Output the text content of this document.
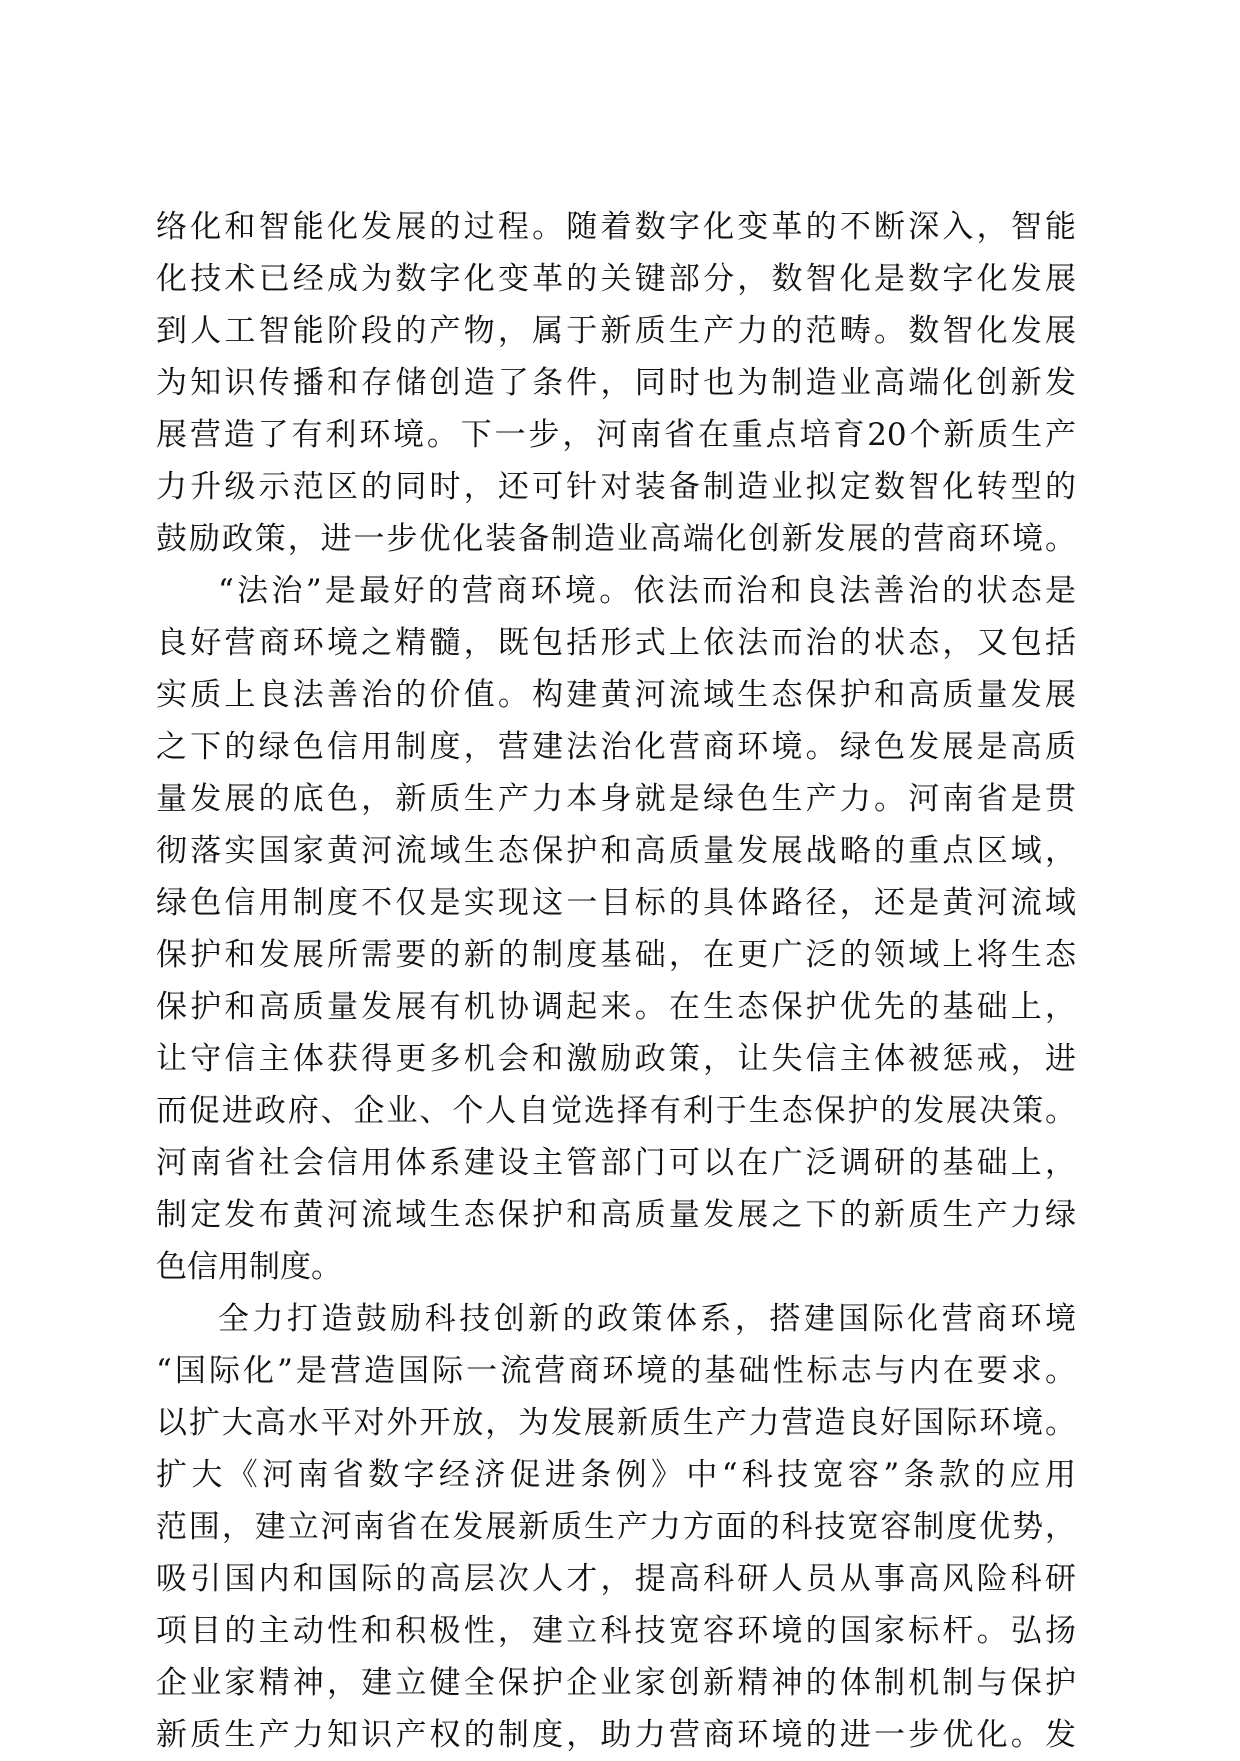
络化和智能化发展的过程。随着数字化变革的不断深入，智能
化技术已经成为数字化变革的关键部分，数智化是数字化发展
到人工智能阶段的产物，属于新质生产力的范畴。数智化发展
为知识传播和存储创造了条件，同时也为制造业高端化创新发
展营造了有利环境。下一步，河南省在重点培育20个新质生产
力升级示范区的同时，还可针对装备制造业拟定数智化转型的
鼓励政策，进一步优化装备制造业高端化创新发展的营商环境。
“法治”是最好的营商环境。依法而治和良法善治的状态是
良好营商环境之精髓，既包括形式上依法而治的状态，又包括
实质上良法善治的价值。构建黄河流域生态保护和高质量发展
之下的绿色信用制度，营建法治化营商环境。绿色发展是高质
量发展的底色，新质生产力本身就是绿色生产力。河南省是贯
彻落实国家黄河流域生态保护和高质量发展战略的重点区域，
绿色信用制度不仅是实现这一目标的具体路径，还是黄河流域
保护和发展所需要的新的制度基础，在更广泛的领域上将生态
保护和高质量发展有机协调起来。在生态保护优先的基础上，
让守信主体获得更多机会和激励政策，让失信主体被惩戒，进
而促进政府、企业、个人自觉选择有利于生态保护的发展决策。
河南省社会信用体系建设主管部门可以在广泛调研的基础上，
制定发布黄河流域生态保护和高质量发展之下的新质生产力绿
色信用制度。
全力打造鼓励科技创新的政策体系，搭建国际化营商环境
“国际化”是营造国际一流营商环境的基础性标志与内在要求。
以扩大高水平对外开放，为发展新质生产力营造良好国际环境。
扩大《河南省数字经济促进条例》中“科技宽容”条款的应用
范围，建立河南省在发展新质生产力方面的科技宽容制度优势，
吸引国内和国际的高层次人才，提高科研人员从事高风险科研
项目的主动性和积极性，建立科技宽容环境的国家标杆。弘扬
企业家精神，建立健全保护企业家创新精神的体制机制与保护
新质生产力知识产权的制度，助力营商环境的进一步优化。发
